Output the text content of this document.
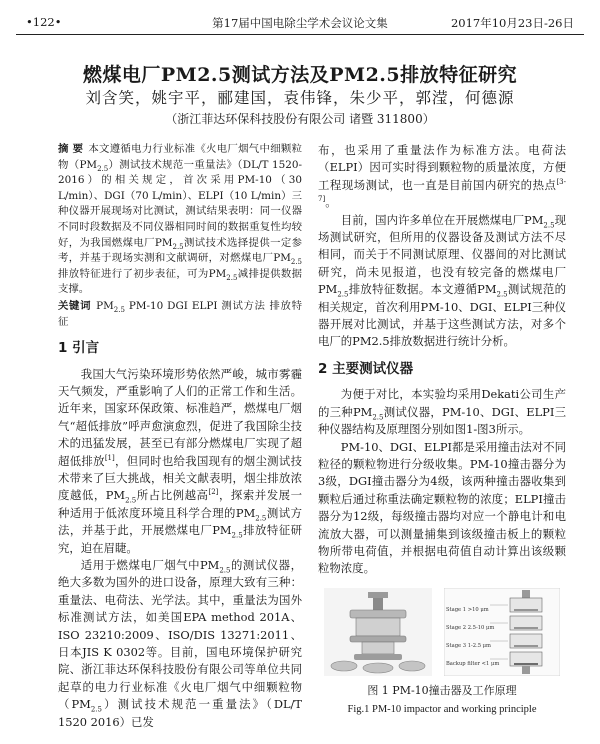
•122•	第17届中国电除尘学术会议论文集	2017年10月23日-26日
燃煤电厂PM2.5测试方法及PM2.5排放特征研究
刘含笑，姚宇平，郦建国，袁伟锋，朱少平，郭滢，何德源
（浙江菲达环保科技股份有限公司 诸暨 311800）

摘 要 本文遵循电力行业标准《火电厂烟气中细颗粒物$(PM_{2.5})$测试技术规范一重量法》（DL/T 1520-2016）的相关规定，首次采用PM-10（30 L/min）、DGI（70 L/min）、ELPI（10 L/min）三种仪器开展现场对比测试，测试结果表明：同一仪器不同时段数据及不同仪器相同时间的数据重复性均较好，为我国燃煤电厂$PM_{2.5}$测试技术选择提供一定参考，并基于现场实测和文献调研，对燃煤电厂$PM_{2.5}$排放特征进行了初步表征，可为$PM_{2.5}$减排提供数据支撑。

关键词 $PM_{2.5}$ PM-10 DGI ELPI 测试方法 排放特征

1 引言

我国大气污染环境形势依然严峻，城市雾霾天气频发，严重影响了人们的正常工作和生活。近年来，国家环保政策、标准趋严，燃煤电厂烟气“超低排放”呼声愈演愈烈，促进了我国除尘技术的迅猛发展，甚至已有部分燃煤电厂实现了超超低排放[1]，但同时也给我国现有的烟尘测试技术带来了巨大挑战，相关文献表明，烟尘排放浓度越低，$PM_{2.5}$所占比例越高[2]，探索并发展一种适用于低浓度环境且科学合理的$PM_{2.5}$测试方法，并基于此，开展燃煤电厂$PM_{2.5}$排放特征研究，迫在眉睫。

适用于燃煤电厂烟气中$PM_{2.5}$的测试仪器，绝大多数为国外的进口设备，原理大致有三种：重量法、电荷法、光学法。其中，重量法为国外标准测试方法，如美国EPA method 201A、ISO 23210:2009、ISO/DIS 13271:2011、日本JIS K 0302等。目前，国电环境保护研究院、浙江菲达环保科技股份有限公司等单位共同起草的电力行业标准《火电厂烟气中细颗粒物$(PM_{2.5})$测试技术规范一重量法》（DL/T 1520 2016）已发

布，也采用了重量法作为标准方法。电荷法（ELPI）因可实时得到颗粒物的质量浓度，方便工程现场测试，也一直是目前国内研究的热点[3-7]。

目前，国内许多单位在开展燃煤电厂$PM_{2.5}$现场测试研究，但所用的仪器设备及测试方法不尽相同，而关于不同测试原理、仪器间的对比测试研究，尚未见报道，也没有较完备的燃煤电厂$PM_{2.5}$排放特征数据。本文遵循$PM_{2.5}$测试规范的相关规定，首次利用PM-10、DGI、ELPI三种仪器开展对比测试，并基于这些测试方法，对多个电厂的PM2.5排放数据进行统计分析。

2 主要测试仪器

为便于对比，本实验均采用Dekati公司生产的三种$PM_{2.5}$测试仪器，PM-10、DGI、ELPI三种仪器结构及原理图分别如图1-图3所示。

PM-10、DGI、ELPI都是采用撞击法对不同粒径的颗粒物进行分级收集。PM-10撞击器分为3级，DGI撞击器分为4级，该两种撞击器收集到颗粒后通过称重法确定颗粒物的浓度；ELPI撞击器分为12级，每级撞击器均对应一个静电计和电流放大器，可以测量捕集到该级撞击板上的颗粒物所带电荷值，并根据电荷值自动计算出该级颗粒物浓度。

Stage 1 >10 μm
Stage 2 2.5-10 μm
Stage 3 1-2.5 μm
Backup filter <1 μm
图 1 PM-10撞击器及工作原理
Fig.1 PM-10 impactor and working principle
